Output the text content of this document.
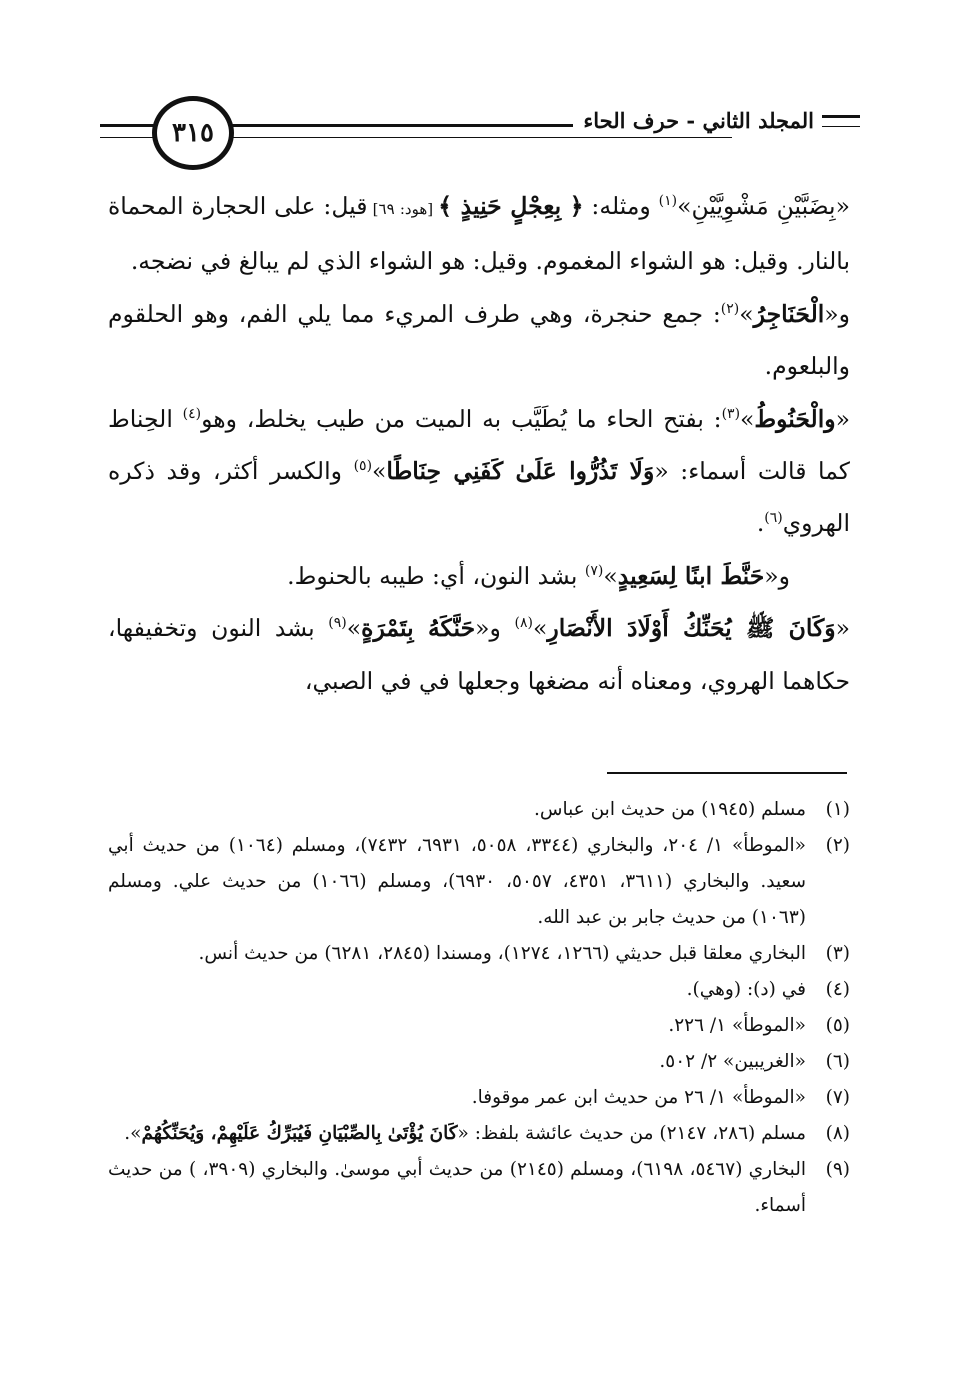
٣١٥	المجلد الثاني - حرف الحاء

«بِضَبَّيْنِ مَشْوِيَّيْنِ»$^{(١)}$ ومثله: ﴿ بِعِجْلٍ حَنِيذٍ ﴾ [هود: ٦٩] قيل: على الحجارة المحماة بالنار. وقيل: هو الشواء المغموم. وقيل: هو الشواء الذي لم يبالغ في نضجه.

و«الْحَنَاجِرُ»$^{(٢)}$: جمع حنجرة، وهي طرف المريء مما يلي الفم، وهو الحلقوم والبلعوم.

«والْحَنُوطُ»$^{(٣)}$: بفتح الحاء ما يُطَيَّب به الميت من طيب يخلط، وهو$^{(٤)}$ الحِناط كما قالت أسماء: «وَلَا تَذُرُّوا عَلَىٰ كَفَنِي حِنَاطًا»$^{(٥)}$ والكسر أكثر، وقد ذكره الهروي$^{(٦)}$.

و«حَنَّطَ ابنًا لِسَعِيدٍ»$^{(٧)}$ بشد النون، أي: طيبه بالحنوط.

«وَكَانَ ﷺ يُحَنِّكُ أَوْلَادَ الأَنْصَارِ»$^{(٨)}$ و«حَنَّكَهُ بِتَمْرَةٍ»$^{(٩)}$ بشد النون وتخفيفها، حكاهما الهروي، ومعناه أنه مضغها وجعلها في في الصبي،

(١)
مسلم (١٩٤٥) من حديث ابن عباس.
(٢)
«الموطأ» ١/ ٢٠٤، والبخاري (٣٣٤٤، ٥٠٥٨، ٦٩٣١، ٧٤٣٢)، ومسلم (١٠٦٤) من حديث أبي سعيد. والبخاري (٣٦١١، ٤٣٥١، ٥٠٥٧، ٦٩٣٠)، ومسلم (١٠٦٦) من حديث علي. ومسلم (١٠٦٣) من حديث جابر بن عبد الله.
(٣)
البخاري معلقا قبل حديثي (١٢٦٦، ١٢٧٤)، ومسندا (٢٨٤٥، ٦٢٨١) من حديث أنس.
(٤)
في (د): (وهي).
(٥)
«الموطأ» ١/ ٢٢٦.
(٦)
«الغريبين» ٢/ ٥٠٢.
(٧)
«الموطأ» ١/ ٢٦ من حديث ابن عمر موقوفا.
(٨)
مسلم (٢٨٦، ٢١٤٧) من حديث عائشة بلفظ: «كَانَ يُؤْتَىٰ بِالصِّبْيَانِ فَيُبَرِّكُ عَلَيْهِمْ، وَيُحَنِّكُهُمْ».
(٩)
البخاري (٥٤٦٧، ٦١٩٨)، ومسلم (٢١٤٥) من حديث أبي موسىٰ. والبخاري (٣٩٠٩، ) من حديث أسماء.
